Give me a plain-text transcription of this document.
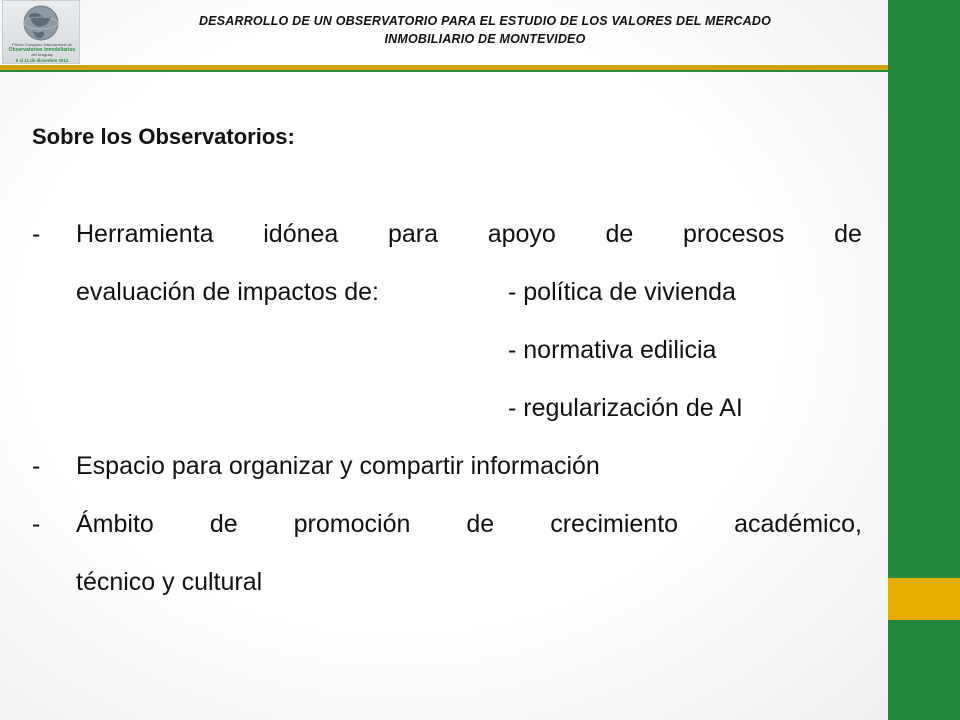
Primer Congreso Internacional de
Observatorios Inmobiliarios
del Uruguay
9 al 11 de diciembre 2014
DESARROLLO DE UN OBSERVATORIO PARA EL ESTUDIO DE LOS VALORES DEL MERCADO
INMOBILIARIO DE MONTEVIDEO
Sobre los Observatorios:
-	Herramienta idónea para apoyo de procesos de
evaluación de impactos de:	- política de vivienda
- normativa edilicia
- regularización de AI
-	Espacio para organizar y compartir información
-	Ámbito de promoción de crecimiento académico,
técnico y cultural
